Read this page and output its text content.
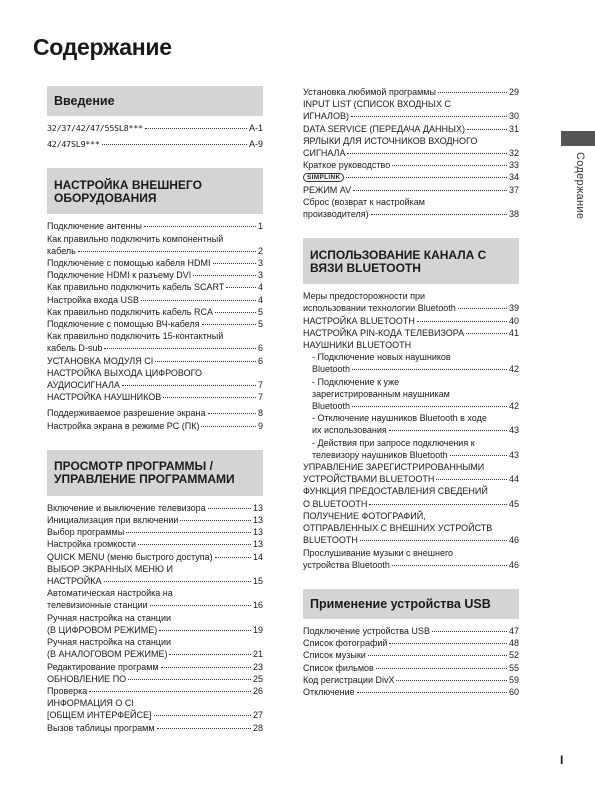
Содержание
Введение
32/37/42/47/55SL8***	A-1
42/47SL9***	A-9
НАСТРОЙКА ВНЕШНЕГО
ОБОРУДОВАНИЯ
Подключение антенны	1
Как правильно подключить компонентный
кабель	2
Подключение с помощью кабеля HDMI	3
Подключение HDMI к разъему DVI	3
Как правильно подключить кабель SCART	4
Настройка входа USB	4
Как правильно подключить кабель RCA	5
Подключение с помощью ВЧ-кабеля	5
Как правильно подключить 15-контактный
кабель D-sub	6
УСТАНОВКА МОДУЛЯ CI	6
НАСТРОЙКА ВЫХОДА ЦИФРОВОГО
АУДИОСИГНАЛА	7
НАСТРОЙКА НАУШНИКОВ	7
Поддерживаемое разрешение экрана	8
Настройка экрана в режиме PC (ПК)	9
ПРОСМОТР ПРОГРАММЫ /
УПРАВЛЕНИЕ ПРОГРАММАМИ
Включение и выключение телевизора	13
Инициализация при включении	13
Выбор программы	13
Настройка громкости	13
QUICK MENU (меню быстрого доступа)	14
ВЫБОР ЭКРАННЫХ МЕНЮ И
НАСТРОЙКА	15
Автоматическая настройка на
телевизионные станции	16
Ручная настройка на станции
(В ЦИФРОВОМ РЕЖИМЕ)	19
Ручная настройка на станции
(В АНАЛОГОВОМ РЕЖИМЕ)	21
Редактирование программ	23
ОБНОВЛЕНИЕ ПО	25
Проверка	26
ИНФОРМАЦИЯ О CI
[ОБЩЕМ ИНТЕРФЕЙСЕ]	27
Вызов таблицы программ	28
Установка любимой программы	29
INPUT LIST (СПИСОК ВХОДНЫХ С
ИГНАЛОВ)	30
DATA SERVICE (ПЕРЕДАЧА ДАННЫХ)	31
ЯРЛЫКИ ДЛЯ ИСТОЧНИКОВ ВХОДНОГО
СИГНАЛА	32
Краткое руководство	33
SIMPLINK	34
РЕЖИМ AV	37
Сброс (возврат к настройкам
производителя)	38
ИСПОЛЬЗОВАНИЕ КАНАЛА С
ВЯЗИ BLUETOOTH
Меры предосторожности при
использовании технологии Bluetooth	39
НАСТРОЙКА BLUETOOTH	40
НАСТРОЙКА PIN-КОДА ТЕЛЕВИЗОРА	41
НАУШНИКИ BLUETOOTH
- Подключение новых наушников
Bluetooth	42
- Подключение к уже
зарегистрированным наушникам
Bluetooth	42
- Отключение наушников Bluetooth в ходе
их использования	43
- Действия при запросе подключения к
телевизору наушников Bluetooth	43
УПРАВЛЕНИЕ ЗАРЕГИСТРИРОВАННЫМИ
УСТРОЙСТВАМИ BLUETOOTH	44
ФУНКЦИЯ ПРЕДОСТАВЛЕНИЯ СВЕДЕНИЙ
О BLUETOOTH	45
ПОЛУЧЕНИЕ ФОТОГРАФИЙ,
ОТПРАВЛЕННЫХ С ВНЕШНИХ УСТРОЙСТВ
BLUETOOTH	46
Прослушивание музыки с внешнего
устройства Bluetooth	46
Применение устройства USB
Подключение устройства USB	47
Список фотографий	48
Список музыки	52
Список фильмов	55
Код регистрации DivX	59
Отключение	60
Содержание
I
